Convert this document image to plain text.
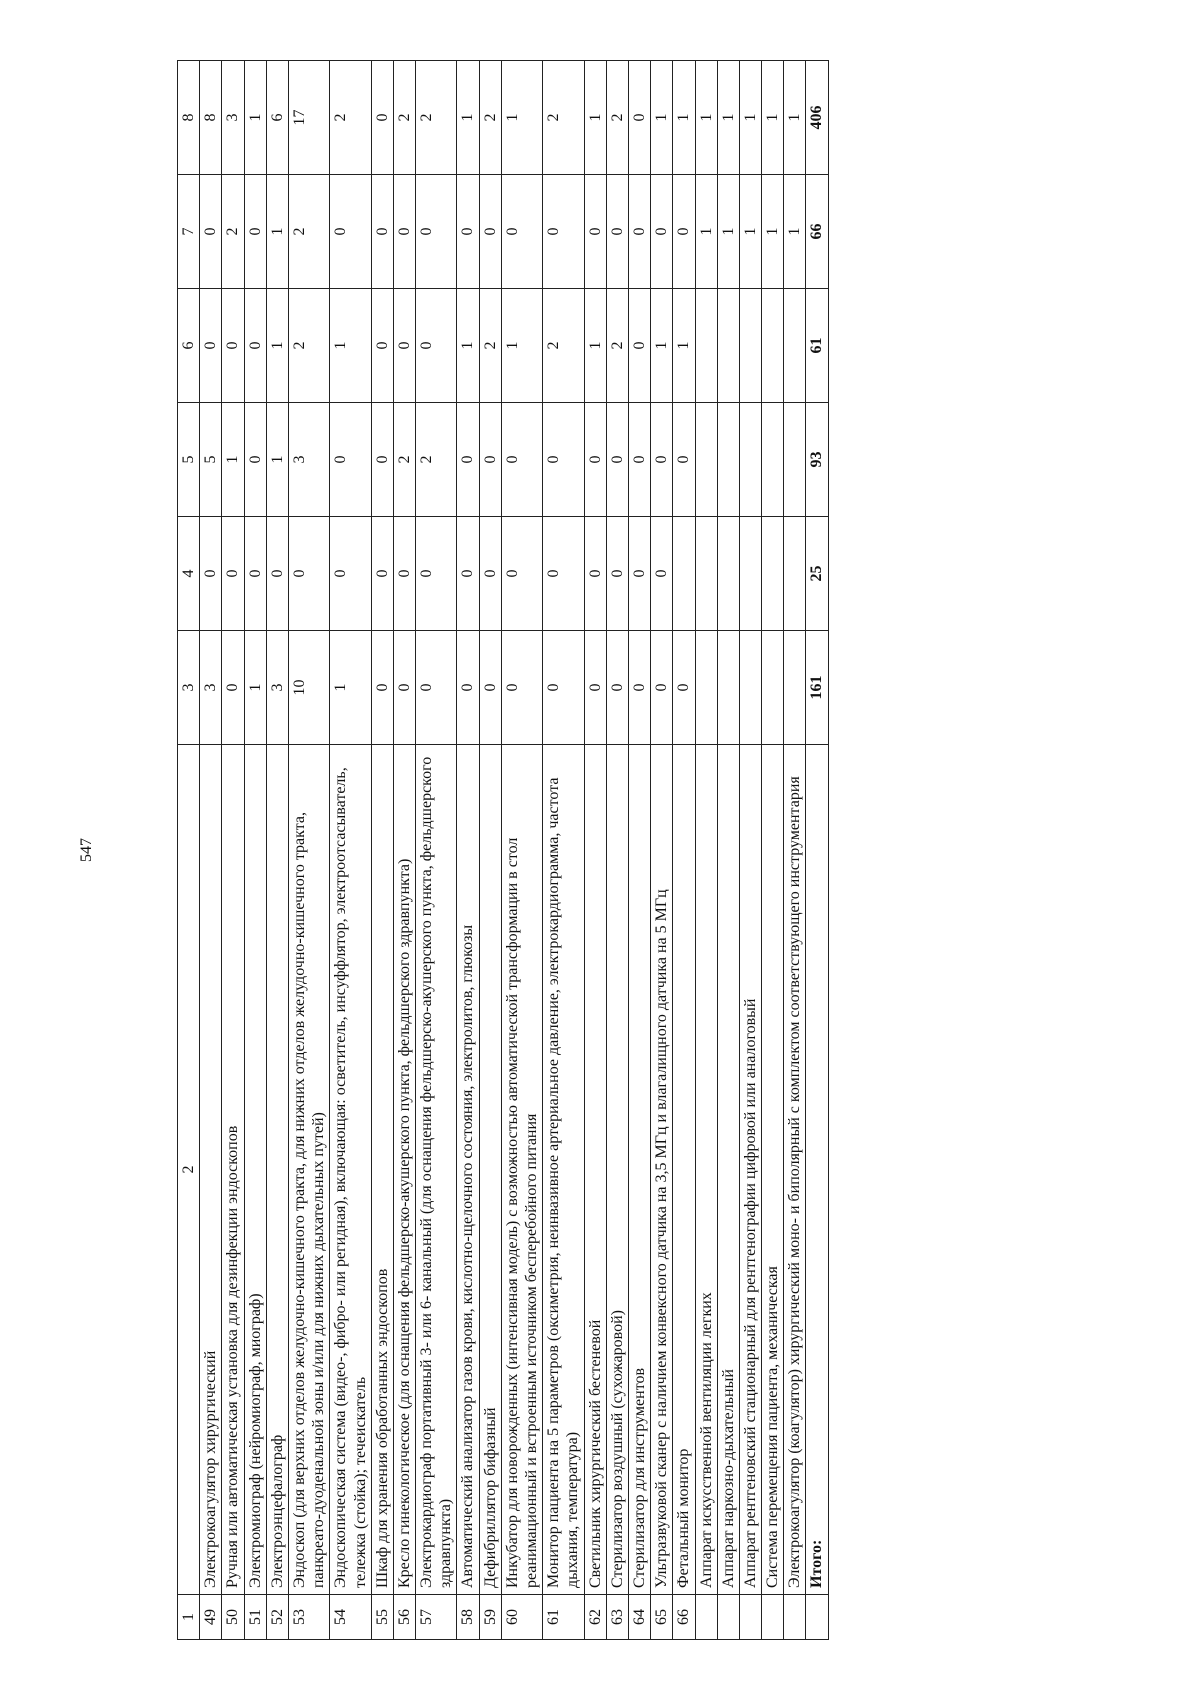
547
1	2	3	4	5	6	7	8
49	Электрокоагулятор хирургический	3	0	5	0	0	8
50	Ручная или автоматическая установка для дезинфекции эндоскопов	0	0	1	0	2	3
51	Электромиограф (нейромиограф, миограф)	1	0	0	0	0	1
52	Электроэнцефалограф	3	0	1	1	1	6
53	Эндоскоп (для верхних отделов желудочно-кишечного тракта, для нижних отделов желудочно-кишечного тракта, панкреато-дуоденальной зоны и/или для нижних дыхательных путей)	10	0	3	2	2	17
54	Эндоскопическая система (видео-, фибро- или регидная), включающая: осветитель, инсуффлятор, электроотсасыватель, тележка (стойка); течеискатель	1	0	0	1	0	2
55	Шкаф для хранения обработанных эндоскопов	0	0	0	0	0	0
56	Кресло гинекологическое (для оснащения фельдшерско-акушерского пункта, фельдшерского здравпункта)	0	0	2	0	0	2
57	Электрокардиограф портативный 3- или 6- канальный (для оснащения фельдшерско-акушерского пункта, фельдшерского здравпункта)	0	0	2	0	0	2
58	Автоматический анализатор газов крови, кислотно-щелочного состояния, электролитов, глюкозы	0	0	0	1	0	1
59	Дефибриллятор бифазный	0	0	0	2	0	2
60	Инкубатор для новорожденных (интенсивная модель) с возможностью автоматической трансформации в стол реанимационный и встроенным источником бесперебойного питания	0	0	0	1	0	1
61	Монитор пациента на 5 параметров (оксиметрия, неинвазивное артериальное давление, электрокардиограмма, частота дыхания, температура)	0	0	0	2	0	2
62	Светильник хирургический бестеневой	0	0	0	1	0	1
63	Стерилизатор воздушный (сухожаровой)	0	0	0	2	0	2
64	Стерилизатор для инструментов	0	0	0	0	0	0
65	Ультразвуковой сканер с наличием конвексного датчика на 3,5 МГц и влагалищного датчика на 5 МГц	0	0	0	1	0	1
66	Фетальный монитор	0		0	1	0	1
	Аппарат искусственной вентиляции легких					1	1
	Аппарат наркозно-дыхательный					1	1
	Аппарат рентгеновский стационарный для рентгенографии цифровой или аналоговый					1	1
	Система перемещения пациента, механическая					1	1
	Электрокоагулятор (коагулятор) хирургический моно- и биполярный с комплектом соответствующего инструментария					1	1
	Итого:	161	25	93	61	66	406
